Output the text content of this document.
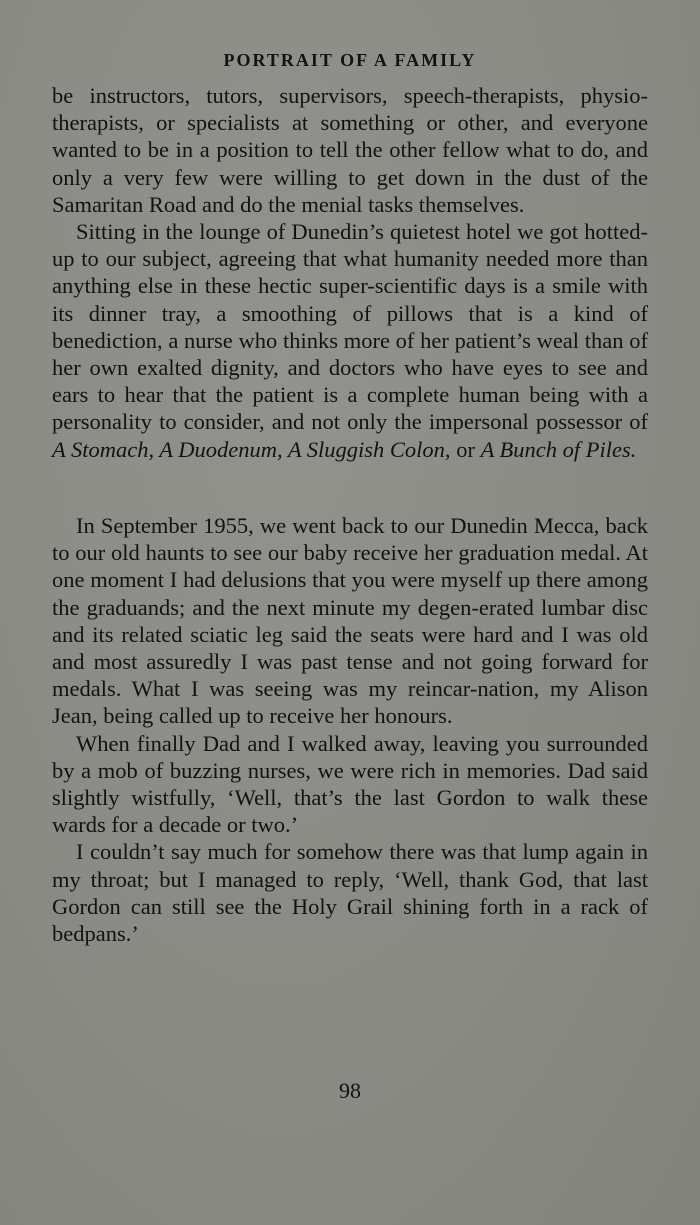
PORTRAIT OF A FAMILY

be instructors, tutors, supervisors, speech-therapists, physio-therapists, or specialists at something or other, and everyone wanted to be in a position to tell the other fellow what to do, and only a very few were willing to get down in the dust of the Samaritan Road and do the menial tasks themselves.

Sitting in the lounge of Dunedin’s quietest hotel we got hotted-up to our subject, agreeing that what humanity needed more than anything else in these hectic super-scientific days is a smile with its dinner tray, a smoothing of pillows that is a kind of benediction, a nurse who thinks more of her patient’s weal than of her own exalted dignity, and doctors who have eyes to see and ears to hear that the patient is a complete human being with a personality to consider, and not only the impersonal possessor of A Stomach, A Duodenum, A Sluggish Colon, or A Bunch of Piles.

In September 1955, we went back to our Dunedin Mecca, back to our old haunts to see our baby receive her graduation medal. At one moment I had delusions that you were myself up there among the graduands; and the next minute my degen-erated lumbar disc and its related sciatic leg said the seats were hard and I was old and most assuredly I was past tense and not going forward for medals. What I was seeing was my reincar-nation, my Alison Jean, being called up to receive her honours.

When finally Dad and I walked away, leaving you surrounded by a mob of buzzing nurses, we were rich in memories. Dad said slightly wistfully, ‘Well, that’s the last Gordon to walk these wards for a decade or two.’

I couldn’t say much for somehow there was that lump again in my throat; but I managed to reply, ‘Well, thank God, that last Gordon can still see the Holy Grail shining forth in a rack of bedpans.’

98
